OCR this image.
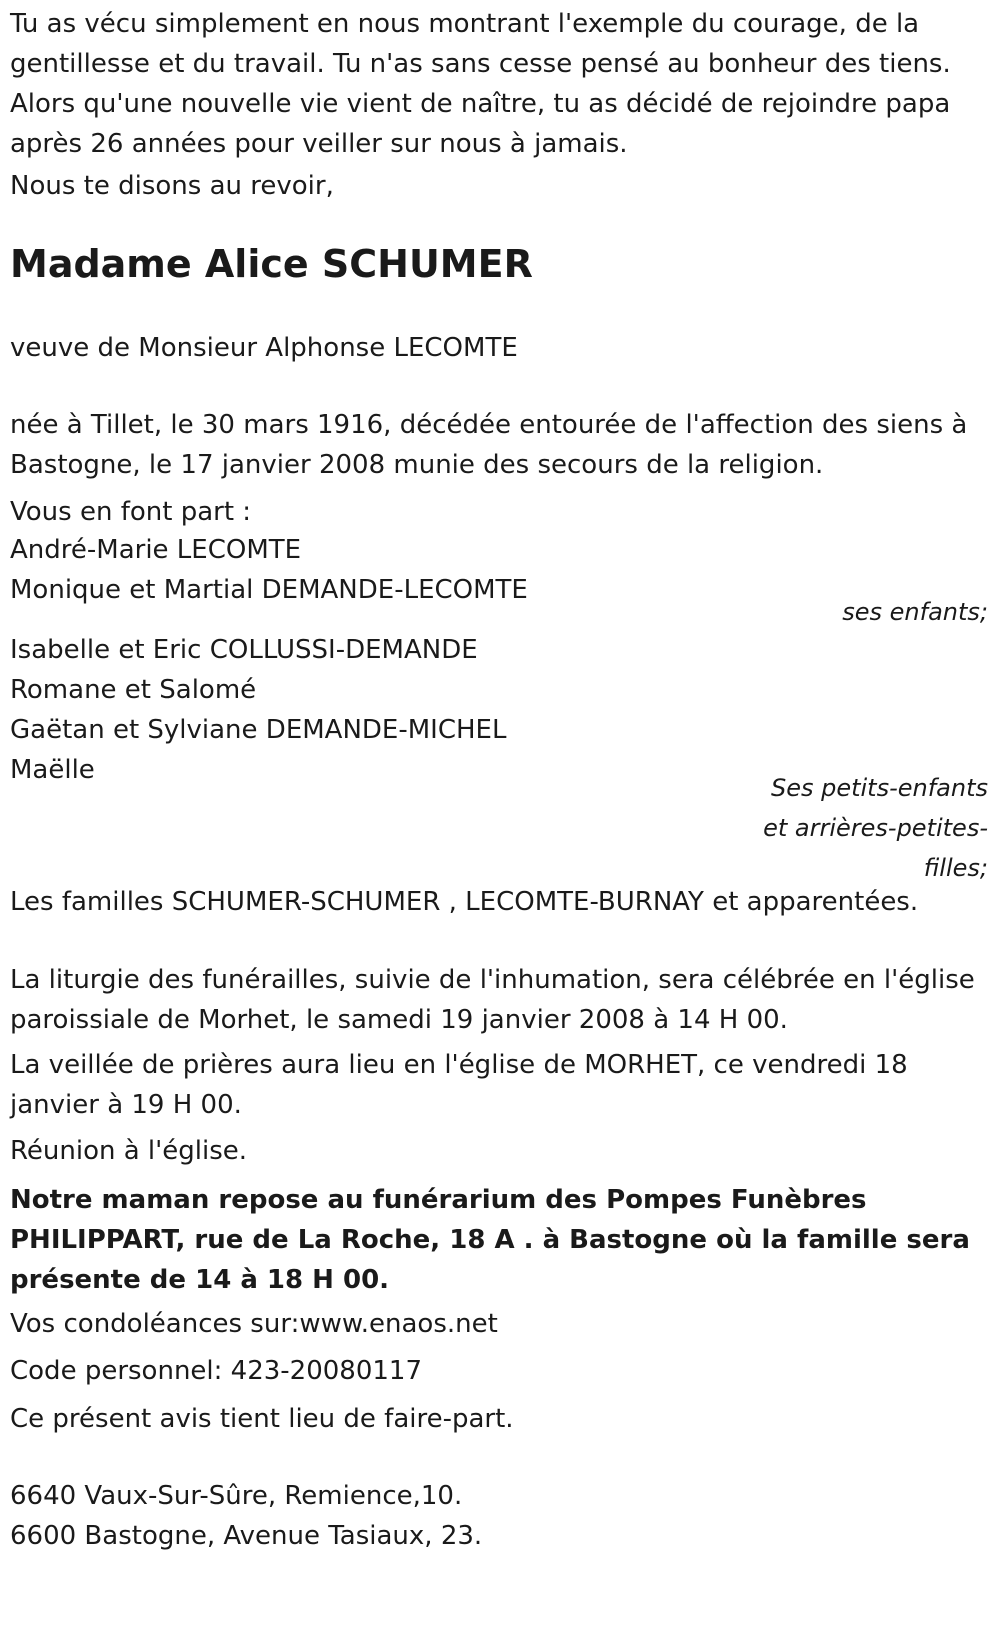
Tu as vécu simplement en nous montrant l'exemple du courage, de la

gentillesse et du travail. Tu n'as sans cesse pensé au bonheur des tiens.

Alors qu'une nouvelle vie vient de naître, tu as décidé de rejoindre papa

après 26 années pour veiller sur nous à jamais.

Nous te disons au revoir,

Madame Alice SCHUMER

veuve de Monsieur Alphonse LECOMTE

née à Tillet, le 30 mars 1916, décédée entourée de l'affection des siens à

Bastogne, le 17 janvier 2008 munie des secours de la religion.

Vous en font part :

André-Marie LECOMTE

Monique et Martial DEMANDE-LECOMTE

ses enfants;

Isabelle et Eric COLLUSSI-DEMANDE

Romane et Salomé

Gaëtan et Sylviane DEMANDE-MICHEL

Maëlle

Ses petits-enfants
et arrières-petites-
filles;

Les familles SCHUMER-SCHUMER , LECOMTE-BURNAY et apparentées.

La liturgie des funérailles, suivie de l'inhumation, sera célébrée en l'église

paroissiale de Morhet, le samedi 19 janvier 2008 à 14 H 00.

La veillée de prières aura lieu en l'église de MORHET, ce vendredi 18

janvier à 19 H 00.

Réunion à l'église.

Notre maman repose au funérarium des Pompes Funèbres

PHILIPPART, rue de La Roche, 18 A . à Bastogne où la famille sera

présente de 14 à 18 H 00.

Vos condoléances sur:www.enaos.net

Code personnel: 423-20080117

Ce présent avis tient lieu de faire-part.

6640 Vaux-Sur-Sûre, Remience,10.

6600 Bastogne, Avenue Tasiaux, 23.
